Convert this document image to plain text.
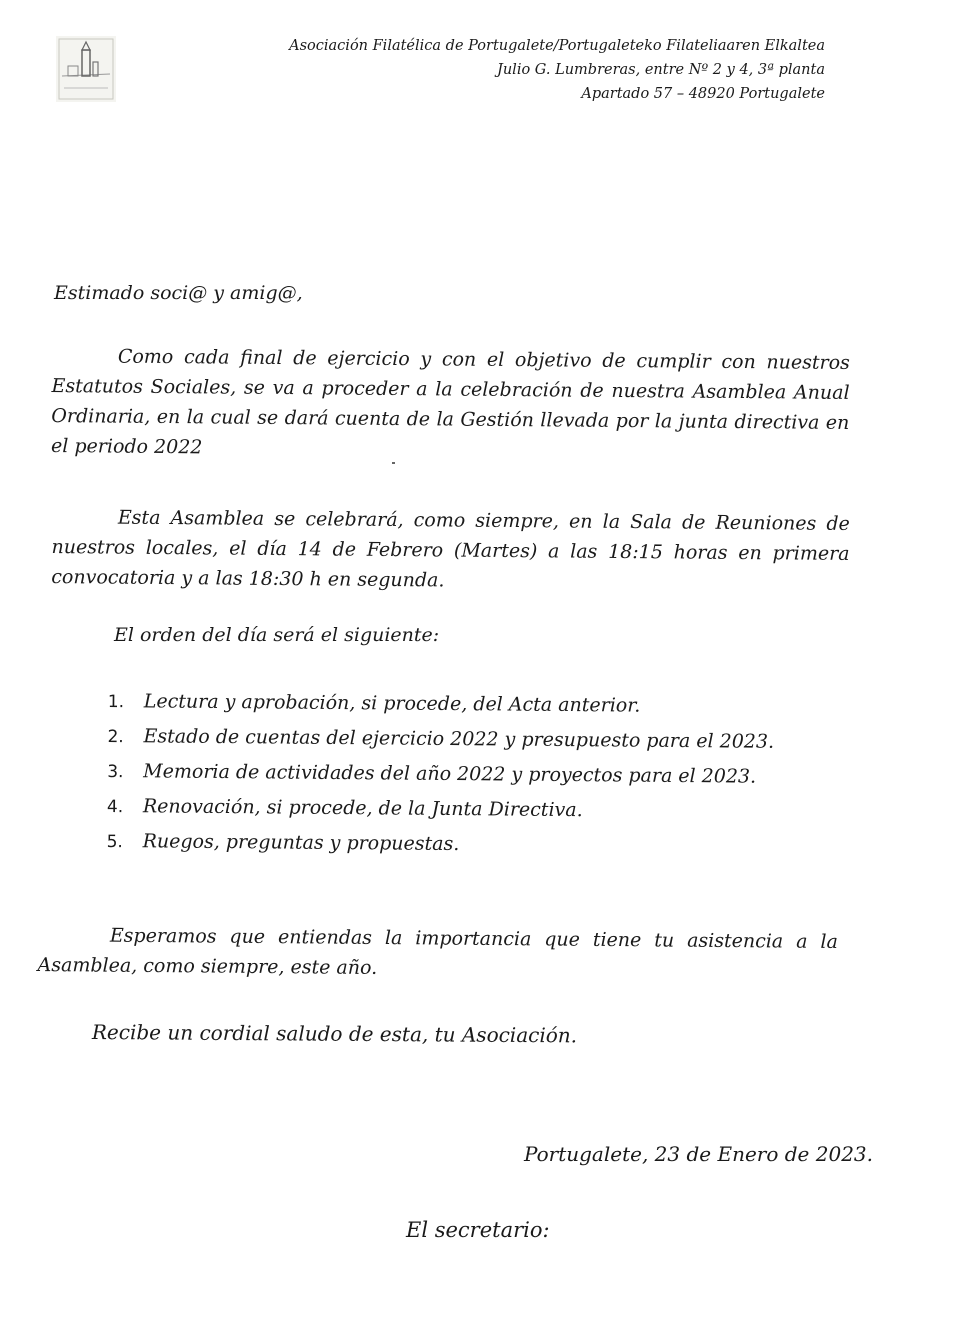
Asociación Filatélica de Portugalete/Portugaleteko Filateliaaren Elkaltea
Julio G. Lumbreras, entre Nº 2 y 4, 3ª planta
Apartado 57 – 48920 Portugalete
Estimado soci@ y amig@,
Como cada final de ejercicio y con el objetivo de cumplir con nuestros Estatutos Sociales, se va a proceder a la celebración de nuestra Asamblea Anual Ordinaria, en la cual se dará cuenta de la Gestión llevada por la junta directiva en el periodo 2022
Esta Asamblea se celebrará, como siempre, en la Sala de Reuniones de nuestros locales, el día 14 de Febrero (Martes) a las 18:15 horas en primera convocatoria y a las 18:30 h en segunda.
El orden del día será el siguiente:
1. Lectura y aprobación, si procede, del Acta anterior.
2. Estado de cuentas del ejercicio 2022 y presupuesto para el 2023.
3. Memoria de actividades del año 2022 y proyectos para el 2023.
4. Renovación, si procede, de la Junta Directiva.
5. Ruegos, preguntas y propuestas.
Esperamos que entiendas la importancia que tiene tu asistencia a la Asamblea, como siempre, este año.
Recibe un cordial saludo de esta, tu Asociación.
Portugalete, 23 de Enero de 2023.
El secretario:
